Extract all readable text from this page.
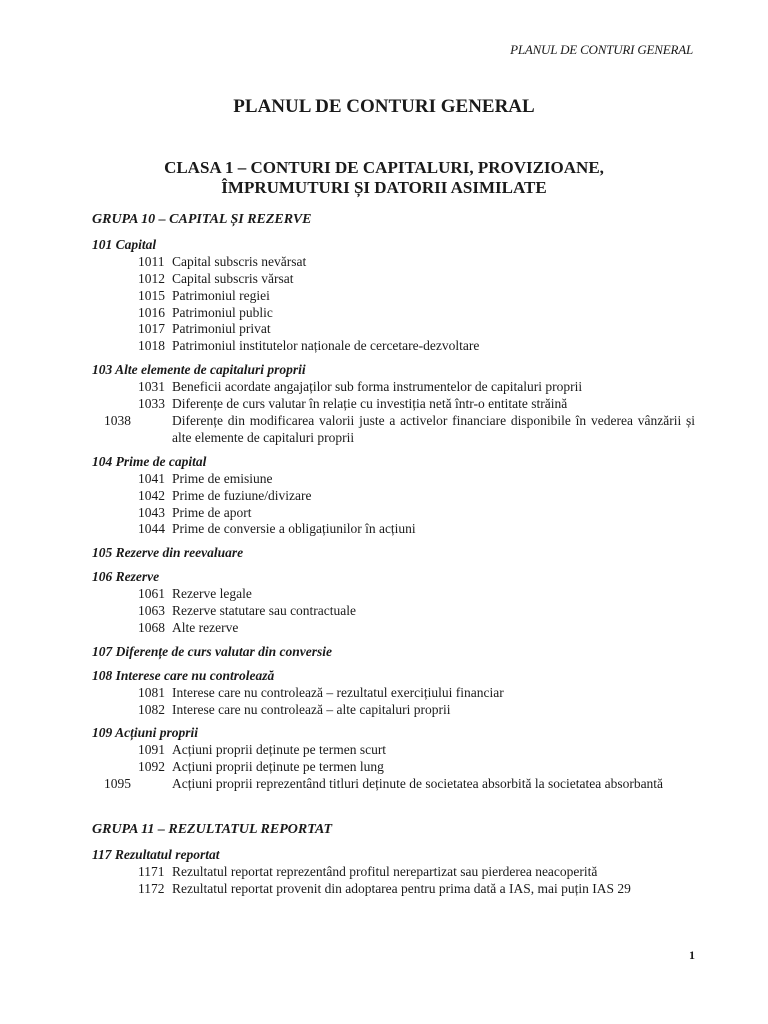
PLANUL DE CONTURI GENERAL
PLANUL DE CONTURI GENERAL
CLASA 1 – CONTURI DE CAPITALURI, PROVIZIOANE,
ÎMPRUMUTURI ȘI DATORII ASIMILATE
GRUPA 10 – CAPITAL ȘI REZERVE
101 Capital
1011 Capital subscris nevărsat
1012 Capital subscris vărsat
1015 Patrimoniul regiei
1016 Patrimoniul public
1017 Patrimoniul privat
1018 Patrimoniul institutelor naționale de cercetare-dezvoltare
103 Alte elemente de capitaluri proprii
1031 Beneficii acordate angajaților sub forma instrumentelor de capitaluri proprii
1033 Diferențe de curs valutar în relație cu investiția netă într-o entitate străină
1038	Diferențe din modificarea valorii juste a activelor financiare disponibile în vederea vânzării și alte elemente de capitaluri proprii
104 Prime de capital
1041 Prime de emisiune
1042 Prime de fuziune/divizare
1043 Prime de aport
1044 Prime de conversie a obligațiunilor în acțiuni
105 Rezerve din reevaluare
106 Rezerve
1061 Rezerve legale
1063 Rezerve statutare sau contractuale
1068 Alte rezerve
107 Diferențe de curs valutar din conversie
108 Interese care nu controlează
1081 Interese care nu controlează – rezultatul exercițiului financiar
1082 Interese care nu controlează – alte capitaluri proprii
109 Acțiuni proprii
1091 Acțiuni proprii deținute pe termen scurt
1092 Acțiuni proprii deținute pe termen lung
1095	Acțiuni proprii reprezentând titluri deținute de societatea absorbită la societatea absorbantă
GRUPA 11 – REZULTATUL REPORTAT
117 Rezultatul reportat
1171 Rezultatul reportat reprezentând profitul nerepartizat sau pierderea neacoperită
1172 Rezultatul reportat provenit din adoptarea pentru prima dată a IAS, mai puțin IAS 29
1
